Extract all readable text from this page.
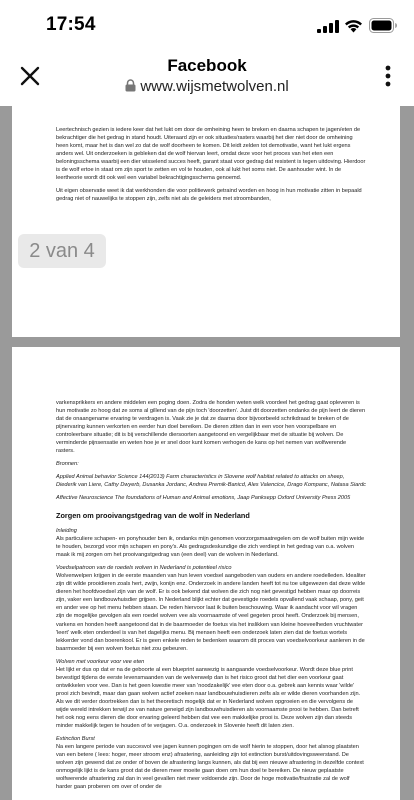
17:54
Facebook
www.wijsmetwolven.nl

Leertechnisch gezien is iedere keer dat het lukt om door de omheining heen te breken en daarna schapen te jagen/eten de bekrachtiger die het gedrag in stand houdt. Uiteraard zijn er ook situaties/rasters waarbij het dier niet door de omheining heen komt, maar het is dan wel zo dat de wolf doorheen te komen. Dit leidt zelden tot demotivatie, want het lukt ergens anders wel. Uit onderzoeken is gebleken dat de wolf hiervan leert, omdat deze voor het proces van het eten een beloningsschema waarbij een dier wisselend succes heeft, garant staat voor gedrag dat resistent is tegen uitdoving. Hierdoor is de wolf ertoe in staat om zijn sport te zetten en vol te houden, ook al lukt het soms niet. De aanhouder wint. In de leertheorie wordt dit ook wel een variabel bekrachtigingsschema genoemd.

Uit eigen observatie weet ik dat werkhonden die voor politiewerk getraind worden en hoog in hun motivatie zitten in bepaald gedrag niet of nauwelijks te stoppen zijn, zelfs niet als de geleiders met stroombanden,

varkensprikkers en andere middelen een poging doen. Zodra de honden weten welk voordeel het gedrag gaat opleveren is hun motivatie zo hoog dat ze soms al gillend van de pijn toch 'doorzetten'. Juist dit doorzetten ondanks de pijn leert de dieren dat de onaangename ervaring te verdragen is. Vaak zie je dat ze daarna door bijvoorbeeld schrikdraad te breken of de pijnervaring kunnen verkorten en eerder hun doel bereiken. De dieren zitten dan in een voor hen voorspelbare en controleerbare situatie; dit is bij verschillende diersoorten aangetoond en vergelijkbaar met de situatie bij wolven. De verminderde pijnsensatie en weten hoe je er snel door kunt komen verhogen de kans op het nemen van wolfwerende rasters.

Bronnen:

Applied Animal behavior Science 144(2013) Farm characteristics in Slovene wolf habitat related to attacks on sheep, Diederik van Liere, Cathy Dwyerb, Dusanka Jordanc, Andrea Premik-Banicd, Ales Valencice, Drago Kompanc, Natasa Siardc

Affective Neuroscience The foundations of Human and Animal emotions, Jaap Panksepp Oxford University Press 2005

Zorgen om prooivangstgedrag van de wolf in Nederland
Inleiding

Als particuliere schapen- en ponyhouder ben ik, ondanks mijn genomen voorzorgsmaatregelen om de wolf buiten mijn weide te houden, bezorgd voor mijn schapen en pony's. Als gedragsdeskundige die zich verdiept in het gedrag van o.a. wolven maak ik mij zorgen om het prooivangstgedrag van (een deel) van de wolven in Nederland.

Voedselpatroon van de roedels wolven in Nederland is potentieel risico

Wolvenwelpen krijgen in de eerste maanden van hun leven voedsel aangeboden van ouders en andere roedelleden. Idealiter zijn dit wilde prooidieren zoals hert, zwijn, konijn enz. Onderzoek in andere landen heeft tot nu toe uitgewezen dat deze wilde dieren het hoofdvoedsel zijn van de wolf. Er is ook bekend dat wolven die zich nog niet gevestigd hebben maar op doorreis zijn, vaker een landbouwhuisdier grijpen. In Nederland blijkt echter dat gevestigde roedels opvallend vaak schaap, pony, geit en ander vee op het menu hebben staan. De reden hiervoor laat ik buiten beschouwing. Waar ik aandacht voor wil vragen zijn de mogelijke gevolgen als een roedel wolven vee als voornaamste of veel gegeten prooi heeft. Onderzoek bij mensen, varkens en honden heeft aangetoond dat in de baarmoeder de foetus via het inslikken van kleine hoeveelheden vruchtwater 'leert' welk eten onderdeel is van het dagelijks menu. Bij mensen heeft een onderzoek laten zien dat de foetus wortels lekkerder vond dan boerenkool. Er is geen enkele reden te bedenken waarom dit proces van voedselvoorkeur aanleren in de baarmoeder bij een wolven foetus niet zou gebeuren.

Wolven met voorkeur voor vee eten

Het lijkt er dus op dat er na de geboorte al een blueprint aanwezig is aangaande voedselvoorkeur. Wordt deze blue print bevestigd tijdens de eerste levensmaanden van de welvenwelp dan is het risico groot dat het dier een voorkeur gaat ontwikkelen voor vee. Dan is het geen kwestie meer van 'noodzakelijk' vee eten door o.a. gebrek aan kennis waar 'wilde' prooi zich bevindt, maar dan gaan wolven actief zoeken naar landbouwhuisdieren zelfs als er wilde dieren voorhanden zijn. Als we dit verder doortrekken dan is het theoretisch mogelijk dat er in Nederland wolven opgroeien en die vervolgens de wijde wereld intrekken terwijl ze van nature geneigd zijn landbouwhuisdieren als voornaamste prooi te hebben. Dan betreft het ook nog eens dieren die door ervaring geleerd hebben dat vee een makkelijke prooi is. Deze wolven zijn dan steeds minder makkelijk tegen te houden of te verjagen. O.a. onderzoek in Slovenie heeft dit laten zien.

Extinction Burst

Na een langere periode van succesvol vee jagen kunnen pogingen om de wolf hierin te stoppen, door het alsnog plaatsten van een betere ( lees: hoger, meer stroom enz) afrastering, aanleiding zijn tot extinction burst/uitdovingsweerstand. De wolven zijn gewend dat ze onder of boven de afrastering langs kunnen, als dat bij een nieuwe afrastering in dezelfde context onmogelijk lijkt is de kans groot dat de dieren meer moeite gaan doen om hun doel te bereiken. De nieuw geplaatste wolfwerende afrastering zal dan in veel gevallen niet meer voldoende zijn. Door de hoge motivatie/frustratie zal de wolf harder gaan proberen om over of onder de

2 van 4
